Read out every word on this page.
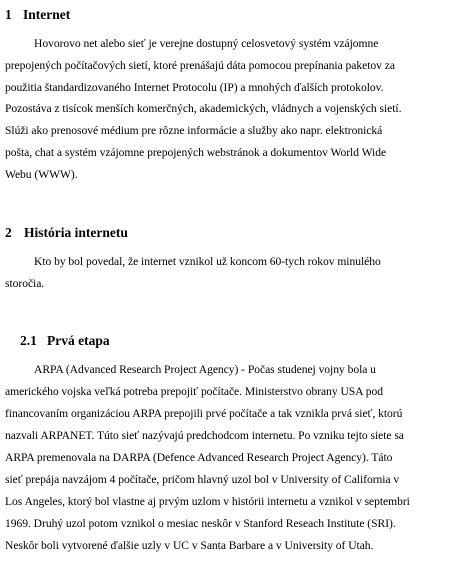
1 Internet
Hovorovo net alebo sieť je verejne dostupný celosvetový systém vzájomne
prepojených počítačových sietí, ktoré prenášajú dáta pomocou prepínania paketov za
použitia štandardizovaného Internet Protocolu (IP) a mnohých ďalších protokolov.
Pozostáva z tisícok menších komerčných, akademických, vládnych a vojenských sietí.
Slúži ako prenosové médium pre rôzne informácie a služby ako napr. elektronická
pošta, chat a systém vzájomne prepojených webstránok a dokumentov World Wide
Webu (WWW).
2 História internetu
Kto by bol povedal, že internet vznikol už koncom 60-tych rokov minulého
storočia.
2.1 Prvá etapa
ARPA (Advanced Research Project Agency) - Počas studenej vojny bola u
amerického vojska veľká potreba prepojiť počítače. Ministerstvo obrany USA pod
financovaním organizáciou ARPA prepojili prvé počítače a tak vznikla prvá sieť, ktorú
nazvali ARPANET. Túto sieť nazývajú predchodcom internetu. Po vzniku tejto siete sa
ARPA premenovala na DARPA (Defence Advanced Research Project Agency). Táto
sieť prepája navzájom 4 počítače, pričom hlavný uzol bol v University of California v
Los Angeles, ktorý bol vlastne aj prvým uzlom v histórii internetu a vznikol v septembri
1969. Druhý uzol potom vznikol o mesiac neskôr v Stanford Reseach Institute (SRI).
Neskôr boli vytvorené ďalšie uzly v UC v Santa Barbare a v University of Utah.
